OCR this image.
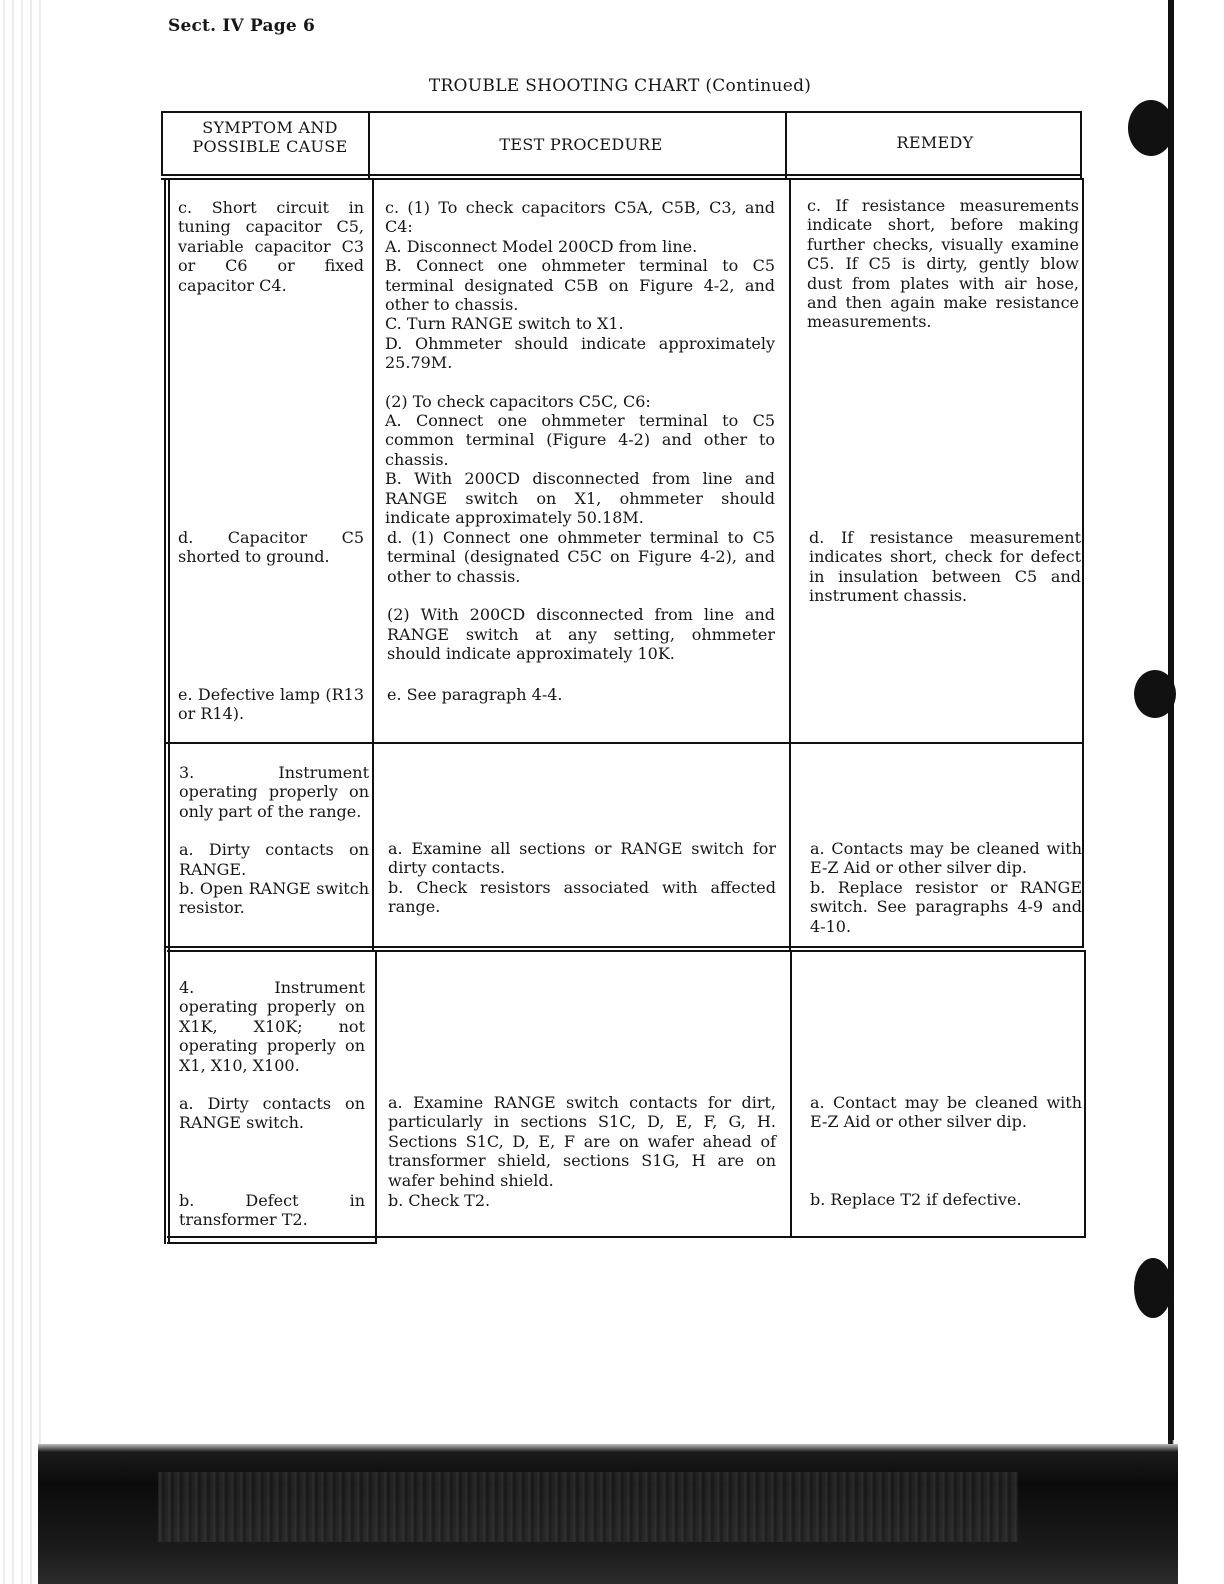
Sect. IV Page 6
TROUBLE SHOOTING CHART (Continued)
SYMPTOM AND
POSSIBLE CAUSE	TEST PROCEDURE	REMEDY

c. Short circuit in tuning capacitor C5, variable capacitor C3 or C6 or fixed capacitor C4.

d. Capacitor C5 shorted to ground.
e. Defective lamp (R13 or R14).

c. (1) To check capacitors C5A, C5B, C3, and C4:

A. Disconnect Model 200CD from line.

B. Connect one ohmmeter terminal to C5 terminal designated C5B on Figure 4-2, and other to chassis.

C. Turn RANGE switch to X1.

D. Ohmmeter should indicate approximately 25.79M.

(2) To check capacitors C5C, C6:

A. Connect one ohmmeter terminal to C5 common terminal (Figure 4-2) and other to chassis.

B. With 200CD disconnected from line and RANGE switch on X1, ohmmeter should indicate approximately 50.18M.

d. (1) Connect one ohmmeter terminal to C5 terminal (designated C5C on Figure 4-2), and other to chassis.

(2) With 200CD disconnected from line and RANGE switch at any setting, ohmmeter should indicate approximately 10K.

e. See paragraph 4-4.
c. If resistance measurements indicate short, before making further checks, visually examine C5. If C5 is dirty, gently blow dust from plates with air hose, and then again make resistance measurements.
d. If resistance measurement indicates short, check for defect in insulation between C5 and instrument chassis.

3. Instrument operating properly on only part of the range.

a. Dirty contacts on RANGE.

b. Open RANGE switch resistor.

a. Examine all sections or RANGE switch for dirty contacts.

b. Check resistors associated with affected range.

a. Contacts may be cleaned with E-Z Aid or other silver dip.

b. Replace resistor or RANGE switch. See paragraphs 4-9 and 4-10.

4. Instrument operating properly on X1K, X10K; not operating properly on X1, X10, X100.

a. Dirty contacts on RANGE switch.

b. Defect in transformer T2.
a. Examine RANGE switch contacts for dirt, particularly in sections S1C, D, E, F, G, H. Sections S1C, D, E, F are on wafer ahead of transformer shield, sections S1G, H are on wafer behind shield.
b. Check T2.
a. Contact may be cleaned with E-Z Aid or other silver dip.
b. Replace T2 if defective.
